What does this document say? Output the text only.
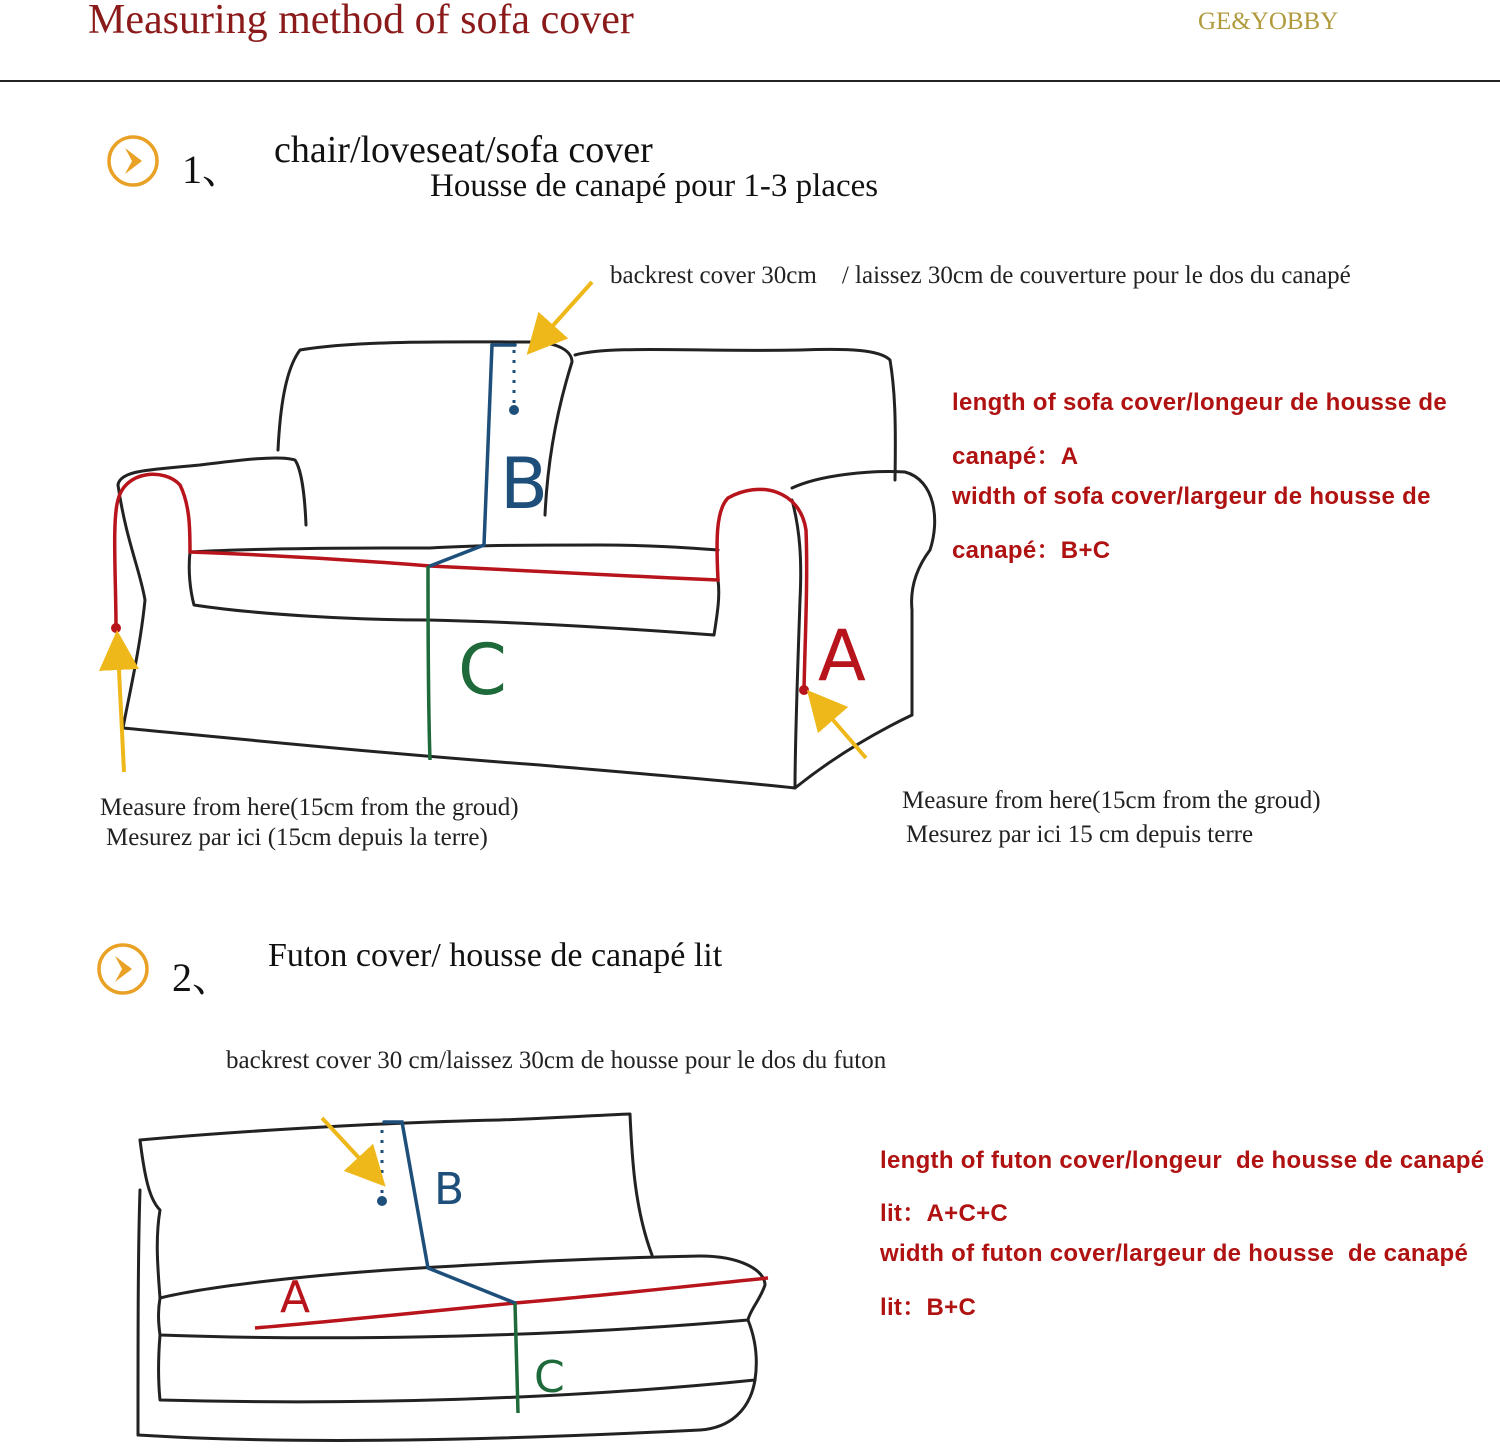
Measuring method of sofa cover	GE&YOBBY
1、 chair/loveseat/sofa cover
Housse de canapé pour 1-3 places
backrest cover 30cm    / laissez 30cm de couverture pour le dos du canapé
length of sofa cover/longeur de housse de
canapé：A
width of sofa cover/largeur de housse de
canapé：B+C
Measure from here(15cm from the groud)
Mesurez par ici (15cm depuis la terre)
Measure from here(15cm from the groud)
Mesurez par ici 15 cm depuis terre
2、 Futon cover/ housse de canapé lit
backrest cover 30 cm/laissez 30cm de housse pour le dos du futon
length of futon cover/longeur  de housse de canapé
lit：A+C+C
width of futon cover/largeur de housse  de canapé
lit：B+C
B
C	A
B
A
C
